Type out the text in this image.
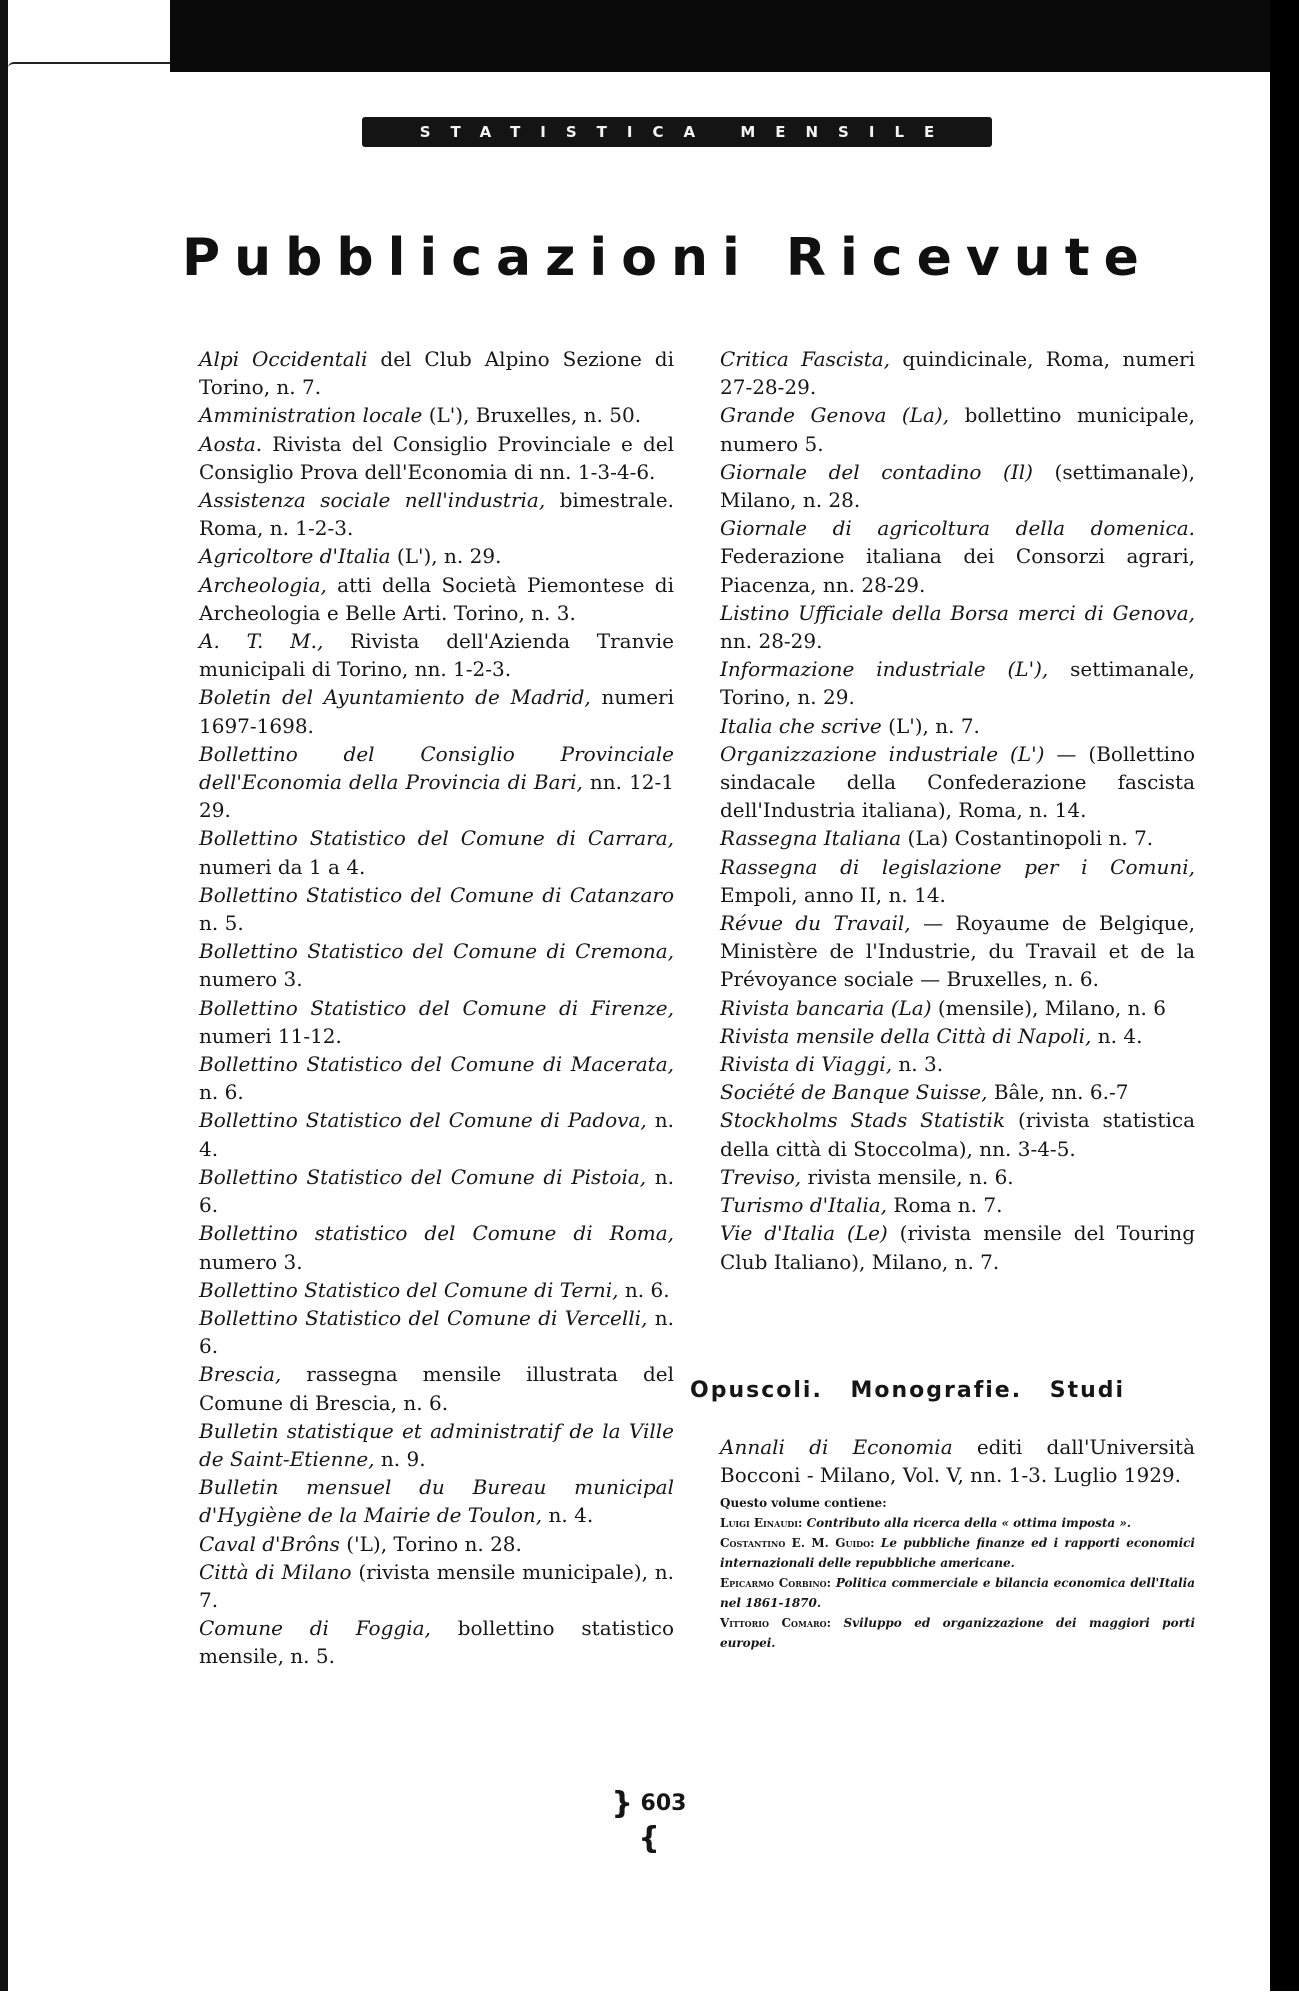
STATISTICA MENSILE
Pubblicazioni Ricevute

Alpi Occidentali del Club Alpino Sezione di Torino, n. 7.

Amministration locale (L'), Bruxelles, n. 50.

Aosta. Rivista del Consiglio Provinciale e del Consiglio Prova dell'Economia di nn. 1-3-4-6.

Assistenza sociale nell'industria, bimestrale. Roma, n. 1-2-3.

Agricoltore d'Italia (L'), n. 29.

Archeologia, atti della Società Piemontese di Archeologia e Belle Arti. Torino, n. 3.

A. T. M., Rivista dell'Azienda Tranvie municipali di Torino, nn. 1-2-3.

Boletin del Ayuntamiento de Madrid, numeri 1697-1698.

Bollettino del Consiglio Provinciale dell'Economia della Provincia di Bari, nn. 12-1 29.

Bollettino Statistico del Comune di Carrara, numeri da 1 a 4.

Bollettino Statistico del Comune di Catanzaro n. 5.

Bollettino Statistico del Comune di Cremona, numero 3.

Bollettino Statistico del Comune di Firenze, numeri 11-12.

Bollettino Statistico del Comune di Macerata, n. 6.

Bollettino Statistico del Comune di Padova, n. 4.

Bollettino Statistico del Comune di Pistoia, n. 6.

Bollettino statistico del Comune di Roma, numero 3.

Bollettino Statistico del Comune di Terni, n. 6.

Bollettino Statistico del Comune di Vercelli, n. 6.

Brescia, rassegna mensile illustrata del Comune di Brescia, n. 6.

Bulletin statistique et administratif de la Ville de Saint-Etienne, n. 9.

Bulletin mensuel du Bureau municipal d'Hygiène de la Mairie de Toulon, n. 4.

Caval d'Brôns ('L), Torino n. 28.

Città di Milano (rivista mensile municipale), n. 7.

Comune di Foggia, bollettino statistico mensile, n. 5.

Critica Fascista, quindicinale, Roma, numeri 27-28-29.

Grande Genova (La), bollettino municipale, numero 5.

Giornale del contadino (Il) (settimanale), Milano, n. 28.

Giornale di agricoltura della domenica. Federazione italiana dei Consorzi agrari, Piacenza, nn. 28-29.

Listino Ufficiale della Borsa merci di Genova, nn. 28-29.

Informazione industriale (L'), settimanale, Torino, n. 29.

Italia che scrive (L'), n. 7.

Organizzazione industriale (L') — (Bollettino sindacale della Confederazione fascista dell'Industria italiana), Roma, n. 14.

Rassegna Italiana (La) Costantinopoli n. 7.

Rassegna di legislazione per i Comuni, Empoli, anno II, n. 14.

Révue du Travail, — Royaume de Belgique, Ministère de l'Industrie, du Travail et de la Prévoyance sociale — Bruxelles, n. 6.

Rivista bancaria (La) (mensile), Milano, n. 6

Rivista mensile della Città di Napoli, n. 4.

Rivista di Viaggi, n. 3.

Société de Banque Suisse, Bâle, nn. 6.-7

Stockholms Stads Statistik (rivista statistica della città di Stoccolma), nn. 3-4-5.

Treviso, rivista mensile, n. 6.

Turismo d'Italia, Roma n. 7.

Vie d'Italia (Le) (rivista mensile del Touring Club Italiano), Milano, n. 7.

Opuscoli. Monografie. Studi

Annali di Economia editi dall'Università Bocconi - Milano, Vol. V, nn. 1-3. Luglio 1929.

Questo volume contiene:

Luigi Einaudi: Contributo alla ricerca della « ottima imposta ».

Costantino E. M. Guido: Le pubbliche finanze ed i rapporti economici internazionali delle repubbliche americane.

Epicarmo Corbino: Politica commerciale e bilancia economica dell'Italia nel 1861-1870.

Vittorio Comaro: Sviluppo ed organizzazione dei maggiori porti europei.

} 603 {
